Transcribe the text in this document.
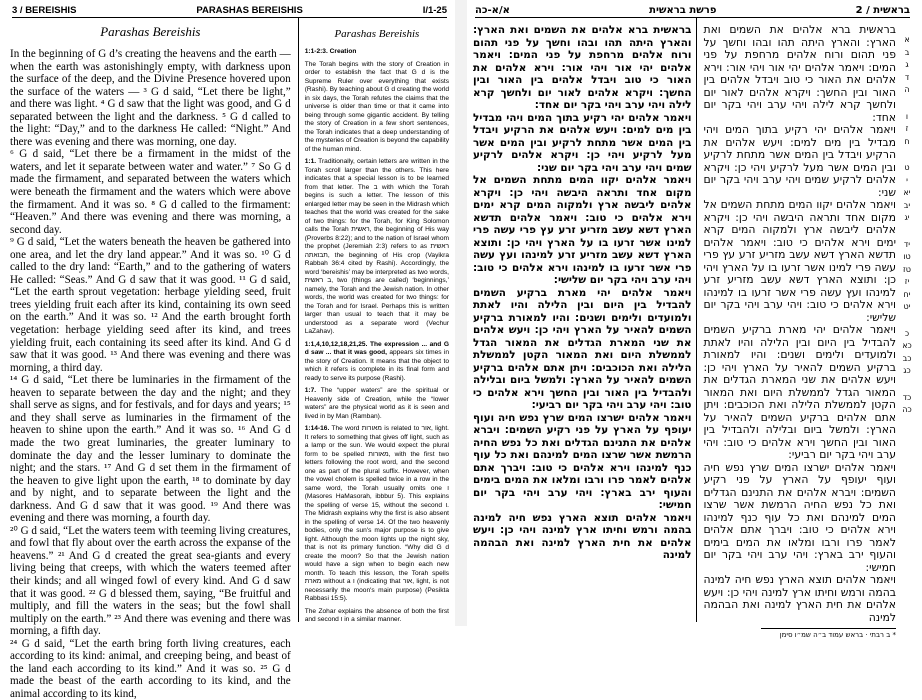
3 / BEREISHIS	PARASHAS BEREISHIS	I/1-25
Parashas Bereishis

In the beginning of G d’s creating the heavens and the earth — when the earth was astonishingly empty, with darkness upon the surface of the deep, and the Divine Presence hovered upon the surface of the waters — ³ G d said, “Let there be light,” and there was light. ⁴ G d saw that the light was good, and G d separated between the light and the darkness. ⁵ G d called to the light: “Day,” and to the darkness He called: “Night.” And there was evening and there was morning, one day.

⁶ G d said, “Let there be a firmament in the midst of the waters, and let it separate between water and water.” ⁷ So G d made the firmament, and separated between the waters which were beneath the firmament and the waters which were above the firmament. And it was so. ⁸ G d called to the firmament: “Heaven.” And there was evening and there was morning, a second day.

⁹ G d said, “Let the waters beneath the heaven be gathered into one area, and let the dry land appear.” And it was so. ¹⁰ G d called to the dry land: “Earth,” and to the gathering of waters He called: “Seas.” And G d saw that it was good. ¹¹ G d said, “Let the earth sprout vegetation: herbage yielding seed, fruit trees yielding fruit each after its kind, containing its own seed on the earth.” And it was so. ¹² And the earth brought forth vegetation: herbage yielding seed after its kind, and trees yielding fruit, each containing its seed after its kind. And G d saw that it was good. ¹³ And there was evening and there was morning, a third day.

¹⁴ G d said, “Let there be luminaries in the firmament of the heaven to separate between the day and the night; and they shall serve as signs, and for festivals, and for days and years; ¹⁵ and they shall serve as luminaries in the firmament of the heaven to shine upon the earth.” And it was so. ¹⁶ And G d made the two great luminaries, the greater luminary to dominate the day and the lesser luminary to dominate the night; and the stars. ¹⁷ And G d set them in the firmament of the heaven to give light upon the earth, ¹⁸ to dominate by day and by night, and to separate between the light and the darkness. And G d saw that it was good. ¹⁹ And there was evening and there was morning, a fourth day.

²⁰ G d said, “Let the waters teem with teeming living creatures, and fowl that fly about over the earth across the expanse of the heavens.” ²¹ And G d created the great sea-giants and every living being that creeps, with which the waters teemed after their kinds; and all winged fowl of every kind. And G d saw that it was good. ²² G d blessed them, saying, “Be fruitful and multiply, and fill the waters in the seas; but the fowl shall multiply on the earth.” ²³ And there was evening and there was morning, a fifth day.

²⁴ G d said, “Let the earth bring forth living creatures, each according to its kind: animal, and creeping being, and beast of the land each according to its kind.” And it was so. ²⁵ G d made the beast of the earth according to its kind, and the animal according to its kind,

Parashas Bereishis

1:1-2:3. Creation

The Torah begins with the story of Creation in order to establish the fact that G d is the Supreme Ruler over everything that exists (Rashi). By teaching about G d creating the world in six days, the Torah refutes the claims that the universe is older than time or that it came into being through some gigantic accident. By telling the story of Creation in a few short sentences, the Torah indicates that a deep understanding of the mysteries of Creation is beyond the capability of the human mind.

1:1. Traditionally, certain letters are written in the Torah scroll larger than the others. This here indicates that a special lesson is to be learned from that letter. The ב with which the Torah begins is such a letter. The lesson of this enlarged letter may be seen in the Midrash which teaches that the world was created for the sake of two things: for the Torah, for King Solomon calls the Torah ראשית, the beginning of His way (Proverbs 8:22); and to the nation of Israel whom the prophet (Jeremiah 2:3) refers to as ראשית תבואתה, the beginning of His crop (Vayikra Rabbah 36:4 cited by Rashi). Accordingly, the word ‘bereishis’ may be interpreted as two words, ב ראשית, two (things are called) ‘beginnings,’ namely, the Torah and the Jewish nation. In other words, the world was created for two things: for the Torah and for Israel. Perhaps this is written larger than usual to teach that it may be understood as a separate word (Vechur LaZahav).

1:1,4,10,12,18,21,25. The expression ... and G d saw ... that it was good, appears six times in the story of Creation. It means that the object to which it refers is complete in its final form and ready to serve its purpose (Rashi).

1:7. The “upper waters” are the spiritual or Heavenly side of Creation, while the “lower waters” are the physical world as it is seen and lived in by Man (Ramban).

1:14-16. The word מאורות is related to אור, light. It refers to something that gives off light, such as a lamp or the sun. We would expect the plural form to be spelled מאורות, with the first two letters following the root word, and the second one as part of the plural suffix. However, when the vowel cholem is spelled twice in a row in the same word, the Torah usually omits one ו (Masores HaMasorah, ibbbur 5). This explains the spelling of verse 15, without the second ו. The Midrash explains why the first is also absent in the spelling of verse 14. Of the two heavenly bodies, only the sun's major purpose is to give light. Although the moon lights up the night sky, that is not its primary function. “Why did G d create the moon? So that the Jewish nation would have a sign when to begin each new month. To teach this lesson, the Torah spells מארת without a ו (indicating that אור, light, is not necessarily the moon's main purpose) (Pesikta Rabbasi 15:5).

The Zohar explains the absence of both the first and second ו in a similar manner.

א/א-כה	פרשת בראשית	בראשית / 2

בראשית ברא אלהים את השמים ואת הארץ: והארץ היתה תהו ובהו וחשך על פני תהום ורוח אלהים מרחפת על פני המים: ויאמר אלהים יהי אור ויהי אור: וירא אלהים את האור כי טוב ויבדל אלהים בין האור ובין החשך: ויקרא אלהים לאור יום ולחשך קרא לילה ויהי ערב ויהי בקר יום אחד:

ויאמר אלהים יהי רקיע בתוך המים ויהי מבדיל בין מים למים: ויעש אלהים את הרקיע ויבדל בין המים אשר מתחת לרקיע ובין המים אשר מעל לרקיע ויהי כן: ויקרא אלהים לרקיע שמים ויהי ערב ויהי בקר יום שני:

ויאמר אלהים יקוו המים מתחת השמים אל מקום אחד ותראה היבשה ויהי כן: ויקרא אלהים ליבשה ארץ ולמקוה המים קרא ימים וירא אלהים כי טוב: ויאמר אלהים תדשא הארץ דשא עשב מזריע זרע עץ פרי עשה פרי למינו אשר זרעו בו על הארץ ויהי כן: ותוצא הארץ דשא עשב מזריע זרע למינהו ועץ עשה פרי אשר זרעו בו למינהו וירא אלהים כי טוב: ויהי ערב ויהי בקר יום שלישי:

ויאמר אלהים יהי מארת ברקיע השמים להבדיל בין היום ובין הלילה והיו לאתת ולמועדים ולימים ושנים: והיו למאורת ברקיע השמים להאיר על הארץ ויהי כן: ויעש אלהים את שני המארת הגדלים את המאור הגדל לממשלת היום ואת המאור הקטן לממשלת הלילה ואת הכוכבים: ויתן אתם אלהים ברקיע השמים להאיר על הארץ: ולמשל ביום ובלילה ולהבדיל בין האור ובין החשך וירא אלהים כי טוב: ויהי ערב ויהי בקר יום רביעי:

ויאמר אלהים ישרצו המים שרץ נפש חיה ועוף יעופף על הארץ על פני רקיע השמים: ויברא אלהים את התנינם הגדלים ואת כל נפש החיה הרמשת אשר שרצו המים למינהם ואת כל עוף כנף למינהו וירא אלהים כי טוב: ויברך אתם אלהים לאמר פרו ורבו ומלאו את המים בימים והעוף ירב בארץ: ויהי ערב ויהי בקר יום חמישי:

ויאמר אלהים תוצא הארץ נפש חיה למינה בהמה ורמש וחיתו ארץ למינה ויהי כן: ויעש אלהים את חית הארץ למינה ואת הבהמה למינה

א
ב
ג
ד
ה
ו
ז
ח
ט
י
יא
יב
יג
יד
טו
טז
יז
יח
יט
כ
כא
כב
כג
כד
כה

בראשית ברא אלהים את השמים ואת הארץ: והארץ היתה תהו ובהו וחשך על פני תהום ורוח אלהים מרחפת על פני המים: ויאמר אלהים יהי אור ויהי אור: וירא אלהים את האור כי טוב ויבדל אלהים בין האור ובין החשך: ויקרא אלהים לאור יום ולחשך קרא לילה ויהי ערב ויהי בקר יום אחד:

ויאמר אלהים יהי רקיע בתוך המים ויהי מבדיל בין מים למים: ויעש אלהים את הרקיע ויבדל בין המים אשר מתחת לרקיע ובין המים אשר מעל לרקיע ויהי כן: ויקרא אלהים לרקיע שמים ויהי ערב ויהי בקר יום שני:

ויאמר אלהים יקוו המים מתחת השמים אל מקום אחד ותראה היבשה ויהי כן: ויקרא אלהים ליבשה ארץ ולמקוה המים קרא ימים וירא אלהים כי טוב: ויאמר אלהים תדשא הארץ דשא עשב מזריע זרע עץ פרי עשה פרי למינו אשר זרעו בו על הארץ ויהי כן: ותוצא הארץ דשא עשב מזריע זרע למינהו ועץ עשה פרי אשר זרעו בו למינהו וירא אלהים כי טוב: ויהי ערב ויהי בקר יום שלישי:

ויאמר אלהים יהי מארת ברקיע השמים להבדיל בין היום ובין הלילה והיו לאתת ולמועדים ולימים ושנים: והיו למאורת ברקיע השמים להאיר על הארץ ויהי כן: ויעש אלהים את שני המארת הגדלים את המאור הגדל לממשלת היום ואת המאור הקטן לממשלת הלילה ואת הכוכבים: ויתן אתם אלהים ברקיע השמים להאיר על הארץ: ולמשל ביום ובלילה ולהבדיל בין האור ובין החשך וירא אלהים כי טוב: ויהי ערב ויהי בקר יום רביעי:

ויאמר אלהים ישרצו המים שרץ נפש חיה ועוף יעופף על הארץ על פני רקיע השמים: ויברא אלהים את התנינם הגדלים ואת כל נפש החיה הרמשת אשר שרצו המים למינהם ואת כל עוף כנף למינהו וירא אלהים כי טוב: ויברך אתם אלהים לאמר פרו ורבו ומלאו את המים בימים והעוף ירב בארץ: ויהי ערב ויהי בקר יום חמישי:

ויאמר אלהים תוצא הארץ נפש חיה למינה בהמה ורמש וחיתו ארץ למינה ויהי כן: ויעש אלהים את חית הארץ למינה ואת הבהמה למינה

* ב רבתי · בראש עמוד ב״ה שמ״ו סימן
